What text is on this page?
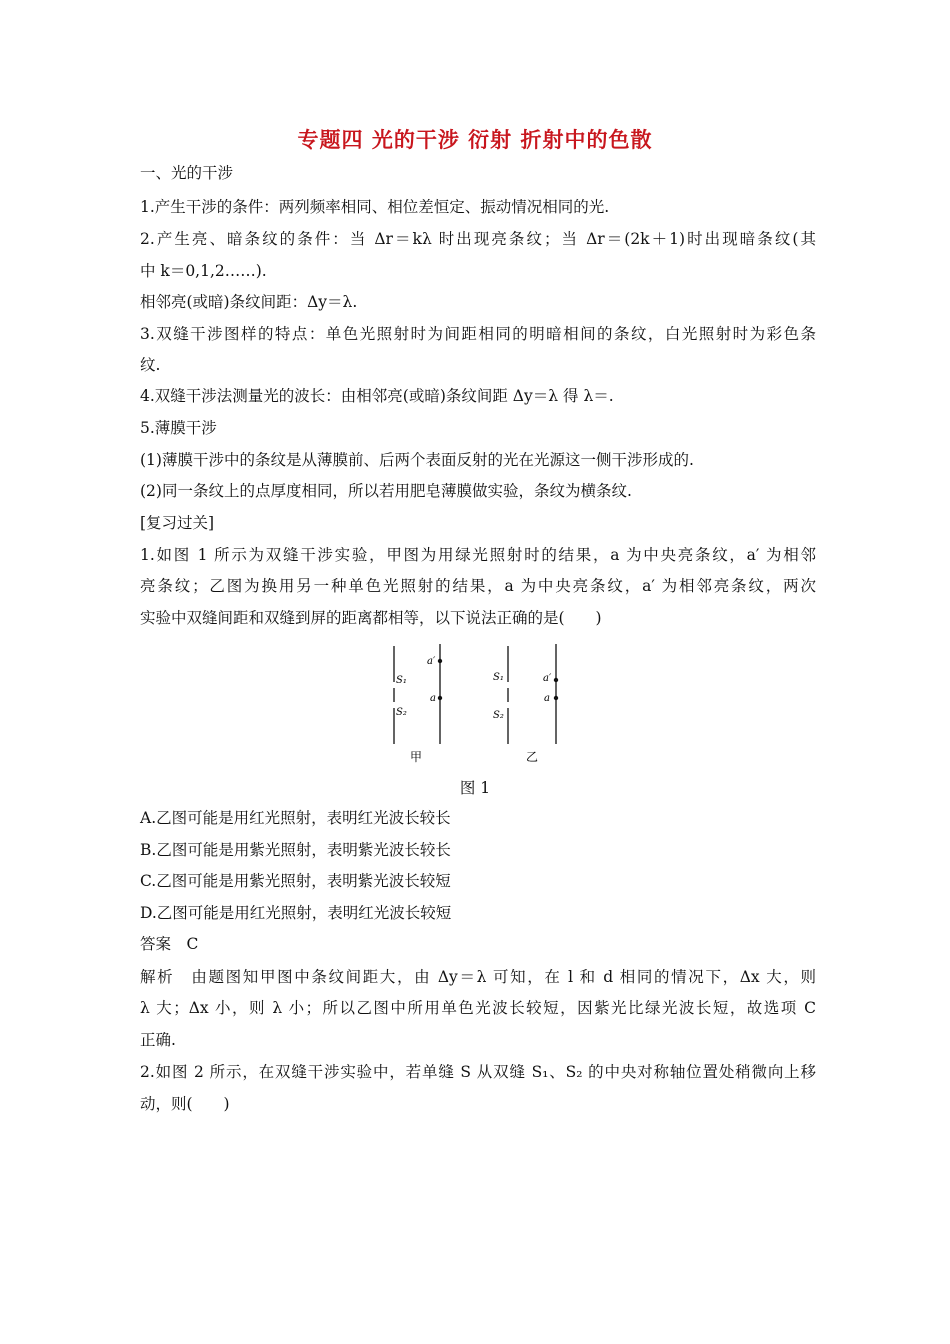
专题四 光的干涉 衍射 折射中的色散
一、光的干涉
1.产生干涉的条件：两列频率相同、相位差恒定、振动情况相同的光.
2.产生亮、暗条纹的条件：当 Δr＝kλ 时出现亮条纹；当 Δr＝(2k＋1)时出现暗条纹(其
中 k＝0,1,2……).
相邻亮(或暗)条纹间距：Δy＝λ.
3.双缝干涉图样的特点：单色光照射时为间距相同的明暗相间的条纹，白光照射时为彩色条
纹.
4.双缝干涉法测量光的波长：由相邻亮(或暗)条纹间距 Δy＝λ 得 λ＝.
5.薄膜干涉
(1)薄膜干涉中的条纹是从薄膜前、后两个表面反射的光在光源这一侧干涉形成的.
(2)同一条纹上的点厚度相同，所以若用肥皂薄膜做实验，条纹为横条纹.
[复习过关]
1.如图 1 所示为双缝干涉实验，甲图为用绿光照射时的结果，a 为中央亮条纹，a′ 为相邻
亮条纹；乙图为换用另一种单色光照射的结果，a 为中央亮条纹，a′ 为相邻亮条纹，两次
实验中双缝间距和双缝到屏的距离都相等，以下说法正确的是(　　)
S₁
S₂
a′
a
甲
S₁
S₂
a′
a
乙
图 1
A.乙图可能是用红光照射，表明红光波长较长
B.乙图可能是用紫光照射，表明紫光波长较长
C.乙图可能是用紫光照射，表明紫光波长较短
D.乙图可能是用红光照射，表明红光波长较短
答案　C
解析　由题图知甲图中条纹间距大，由 Δy＝λ 可知，在 l 和 d 相同的情况下，Δx 大，则
λ 大；Δx 小，则 λ 小；所以乙图中所用单色光波长较短，因紫光比绿光波长短，故选项 C
正确.
2.如图 2 所示，在双缝干涉实验中，若单缝 S 从双缝 S₁、S₂ 的中央对称轴位置处稍微向上移
动，则(　　)
